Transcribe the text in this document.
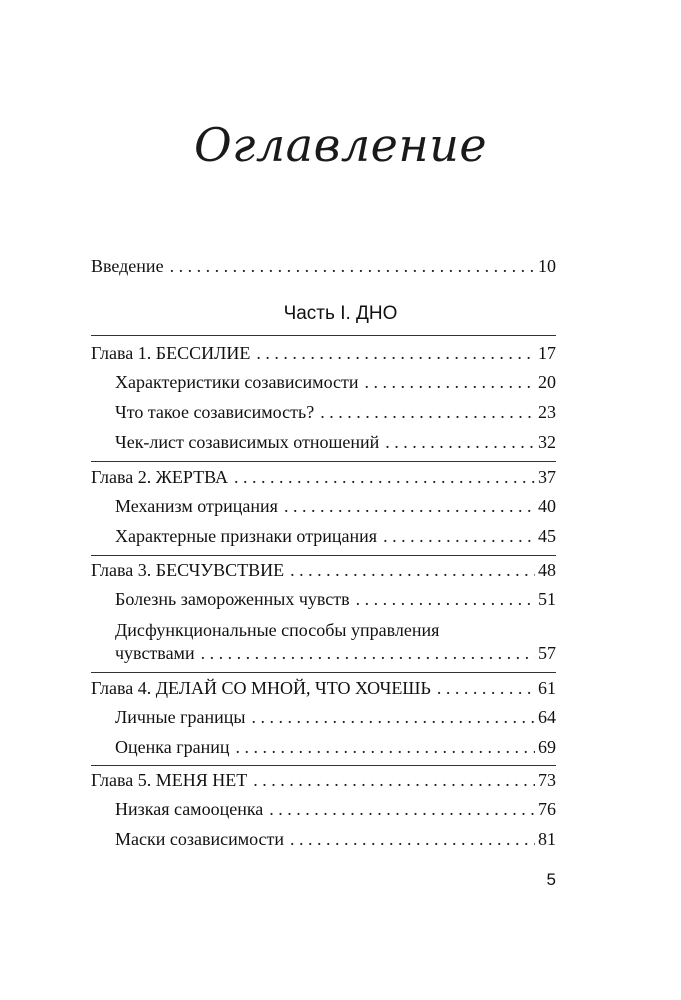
Оглавление
Введение . . .	10
Часть I. ДНО
Глава 1. БЕССИЛИЕ . . .	17
Характеристики созависимости . . .	20
Что такое созависимость? . . .	23
Чек-лист созависимых отношений . . .	32
Глава 2. ЖЕРТВА . . .	37
Механизм отрицания . . .	40
Характерные признаки отрицания . . .	45
Глава 3. БЕСЧУВСТВИЕ . . .	48
Болезнь замороженных чувств . . .	51
Дисфункциональные способы управления
чувствами . . .	57
Глава 4. ДЕЛАЙ СО МНОЙ, ЧТО ХОЧЕШЬ . . .	61
Личные границы . . .	64
Оценка границ . . .	69
Глава 5. МЕНЯ НЕТ . . .	73
Низкая самооценка . . .	76
Маски созависимости . . .	81
5
